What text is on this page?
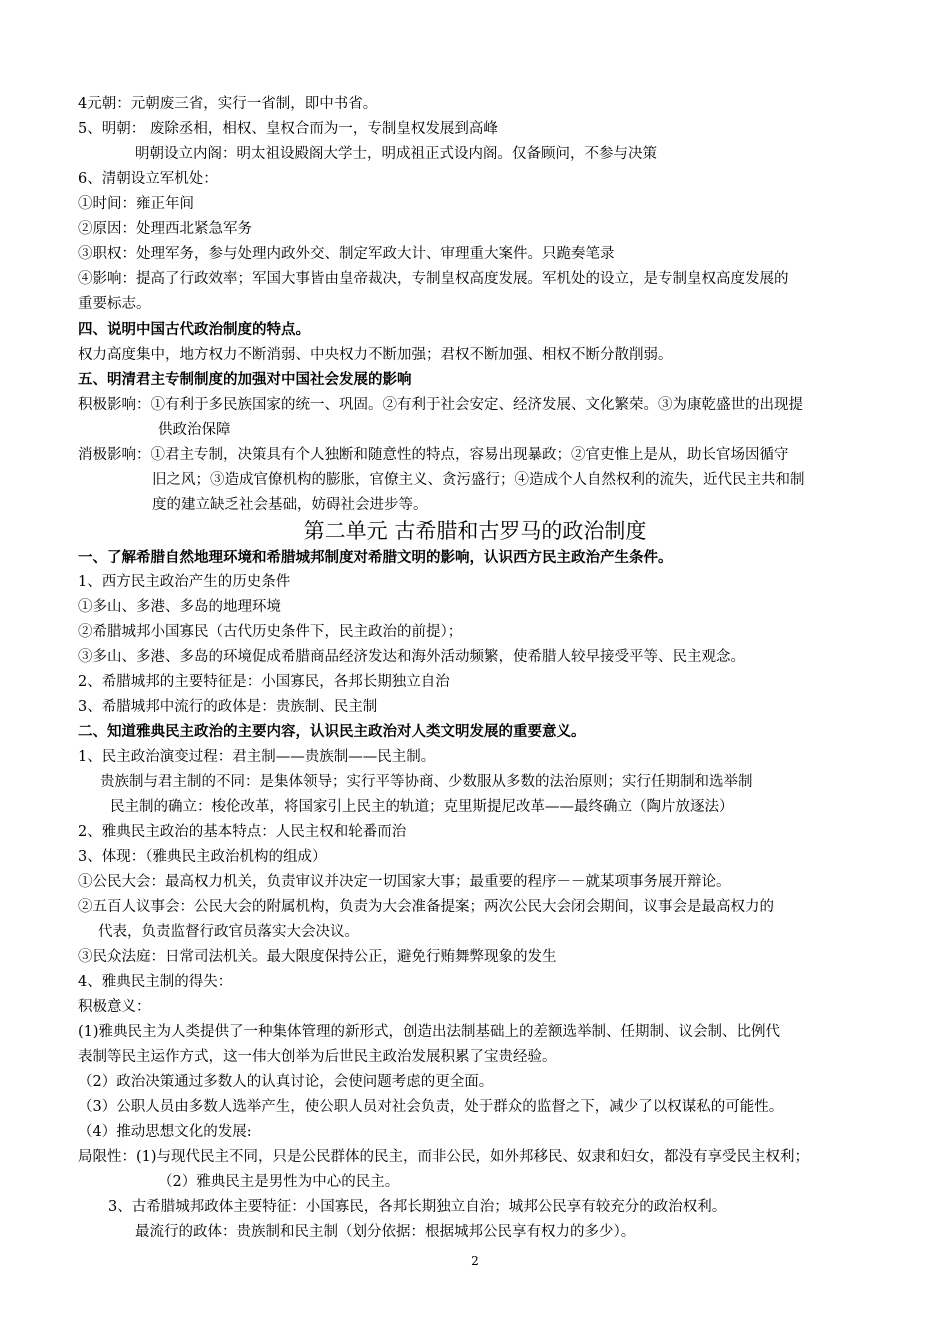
4元朝：元朝废三省，实行一省制，即中书省。
5、明朝： 废除丞相，相权、皇权合而为一，专制皇权发展到高峰
明朝设立内阁：明太祖设殿阁大学士，明成祖正式设内阁。仅备顾问，不参与决策
6、清朝设立军机处：
①时间：雍正年间
②原因：处理西北紧急军务
③职权：处理军务，参与处理内政外交、制定军政大计、审理重大案件。只跪奏笔录
④影响：提高了行政效率；军国大事皆由皇帝裁决，专制皇权高度发展。军机处的设立，是专制皇权高度发展的
重要标志。
四、说明中国古代政治制度的特点。
权力高度集中，地方权力不断消弱、中央权力不断加强；君权不断加强、相权不断分散削弱。
五、明清君主专制制度的加强对中国社会发展的影响
积极影响：①有利于多民族国家的统一、巩固。②有利于社会安定、经济发展、文化繁荣。③为康乾盛世的出现提
供政治保障
消极影响：①君主专制，决策具有个人独断和随意性的特点，容易出现暴政；②官吏惟上是从，助长官场因循守
旧之风；③造成官僚机构的膨胀，官僚主义、贪污盛行；④造成个人自然权利的流失，近代民主共和制
度的建立缺乏社会基础，妨碍社会进步等。
第二单元 古希腊和古罗马的政治制度
一、了解希腊自然地理环境和希腊城邦制度对希腊文明的影响，认识西方民主政治产生条件。
1、西方民主政治产生的历史条件
①多山、多港、多岛的地理环境
②希腊城邦小国寡民（古代历史条件下，民主政治的前提）；
③多山、多港、多岛的环境促成希腊商品经济发达和海外活动频繁，使希腊人较早接受平等、民主观念。
2、希腊城邦的主要特征是：小国寡民，各邦长期独立自治
3、希腊城邦中流行的政体是：贵族制、民主制
二、知道雅典民主政治的主要内容，认识民主政治对人类文明发展的重要意义。
1、民主政治演变过程：君主制——贵族制——民主制。
贵族制与君主制的不同：是集体领导；实行平等协商、少数服从多数的法治原则；实行任期制和选举制
民主制的确立：梭伦改革，将国家引上民主的轨道；克里斯提尼改革——最终确立（陶片放逐法）
2、雅典民主政治的基本特点：人民主权和轮番而治
3、体现：（雅典民主政治机构的组成）
①公民大会：最高权力机关，负责审议并决定一切国家大事；最重要的程序－－就某项事务展开辩论。
②五百人议事会：公民大会的附属机构，负责为大会准备提案；两次公民大会闭会期间，议事会是最高权力的
代表，负责监督行政官员落实大会决议。
③民众法庭：日常司法机关。最大限度保持公正，避免行贿舞弊现象的发生
4、雅典民主制的得失：
积极意义：
(1)雅典民主为人类提供了一种集体管理的新形式，创造出法制基础上的差额选举制、任期制、议会制、比例代
表制等民主运作方式，这一伟大创举为后世民主政治发展积累了宝贵经验。
（2）政治决策通过多数人的认真讨论，会使问题考虑的更全面。
（3）公职人员由多数人选举产生，使公职人员对社会负责，处于群众的监督之下，减少了以权谋私的可能性。
（4）推动思想文化的发展:
局限性：(1)与现代民主不同，只是公民群体的民主，而非公民，如外邦移民、奴隶和妇女，都没有享受民主权利；
（2）雅典民主是男性为中心的民主。
3、古希腊城邦政体主要特征：小国寡民，各邦长期独立自治；城邦公民享有较充分的政治权利。
最流行的政体：贵族制和民主制（划分依据：根据城邦公民享有权力的多少）。
2
